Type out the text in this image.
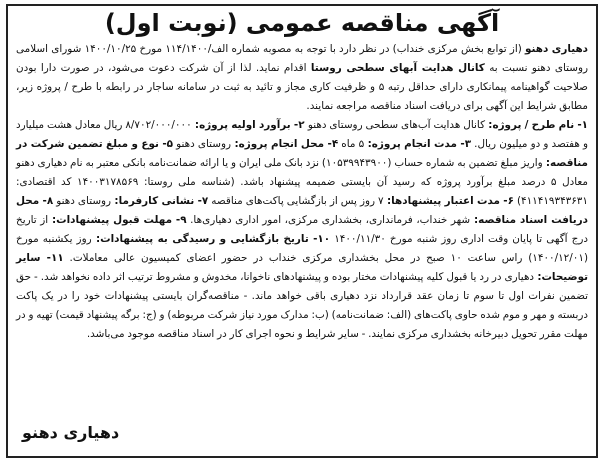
آگهی مناقصه عمومی (نوبت اول)

دهیاری دهنو (از توابع بخش مرکزی خنداب) در نظر دارد با توجه به مصوبه شماره الف/۱۱۴/۱۴۰۰ مورخ ۱۴۰۰/۱۰/۲۵ شورای اسلامی روستای دهنو نسبت به کانال هدایت آبهای سطحی روستا اقدام نماید. لذا از آن شرکت دعوت می‌شود، در صورت دارا بودن صلاحیت گواهینامه پیمانکاری دارای حداقل رتبه ۵ و ظرفیت کاری مجاز و تائید به ثبت در سامانه ساجار در رابطه با طرح / پروژه زیر، مطابق شرایط این آگهی برای دریافت اسناد مناقصه مراجعه نمایند.
۱- نام طرح / پروژه: کانال هدایت آب‌های سطحی روستای دهنو ۲- برآورد اولیه پروژه: ۸/۷۰۲/۰۰۰/۰۰۰ ریال معادل هشت میلیارد و هفتصد و دو میلیون ریال. ۳- مدت انجام پروژه: ۵ ماه ۴- محل انجام پروژه: روستای دهنو ۵- نوع و مبلغ تضمین شرکت در مناقصه: واریز مبلغ تضمین به شماره حساب (۱۰۵۳۹۹۴۳۹۰۰) نزد بانک ملی ایران و یا ارائه ضمانت‌نامه بانکی معتبر به نام دهیاری دهنو معادل ۵ درصد مبلغ برآورد پروژه که رسید آن بایستی ضمیمه پیشنهاد باشد. (شناسه ملی روستا: ۱۴۰۰۳۱۷۸۵۶۹ کد اقتصادی: ۴۱۱۴۱۹۳۴۳۶۳۱) ۶- مدت اعتبار پیشنهادها: ۷ روز پس از بازگشایی پاکت‌های مناقصه ۷- نشانی کارفرما: روستای دهنو ۸- محل دریافت اسناد مناقصه: شهر خنداب، فرمانداری، بخشداری مرکزی، امور اداری دهیاری‌ها. ۹- مهلت قبول پیشنهادات: از تاریخ درج آگهی تا پایان وقت اداری روز شنبه مورخ ۱۴۰۰/۱۱/۳۰ ۱۰- تاریخ بازگشایی و رسیدگی به پیشنهادات: روز یکشنبه مورخ (۱۴۰۰/۱۲/۰۱) راس ساعت ۱۰ صبح در محل بخشداری مرکزی خنداب در حضور اعضای کمیسیون عالی معاملات. ۱۱- سایر توضیحات: دهیاری در رد یا قبول کلیه پیشنهادات مختار بوده و پیشنهادهای ناخوانا، مخدوش و مشروط ترتیب اثر داده نخواهد شد. - حق تضمین نفرات اول تا سوم تا زمان عقد قرارداد نزد دهیاری باقی خواهد ماند. - مناقصه‌گران بایستی پیشنهادات خود را در یک پاکت دربسته و مهر و موم شده حاوی پاکت‌های (الف: ضمانت‌نامه) (ب: مدارک مورد نیاز شرکت مربوطه) و (ج: برگه پیشنهاد قیمت) تهیه و در مهلت مقرر تحویل دبیرخانه بخشداری مرکزی نمایند. - سایر شرایط و نحوه اجرای کار در اسناد مناقصه موجود می‌باشد.

دهیاری دهنو
